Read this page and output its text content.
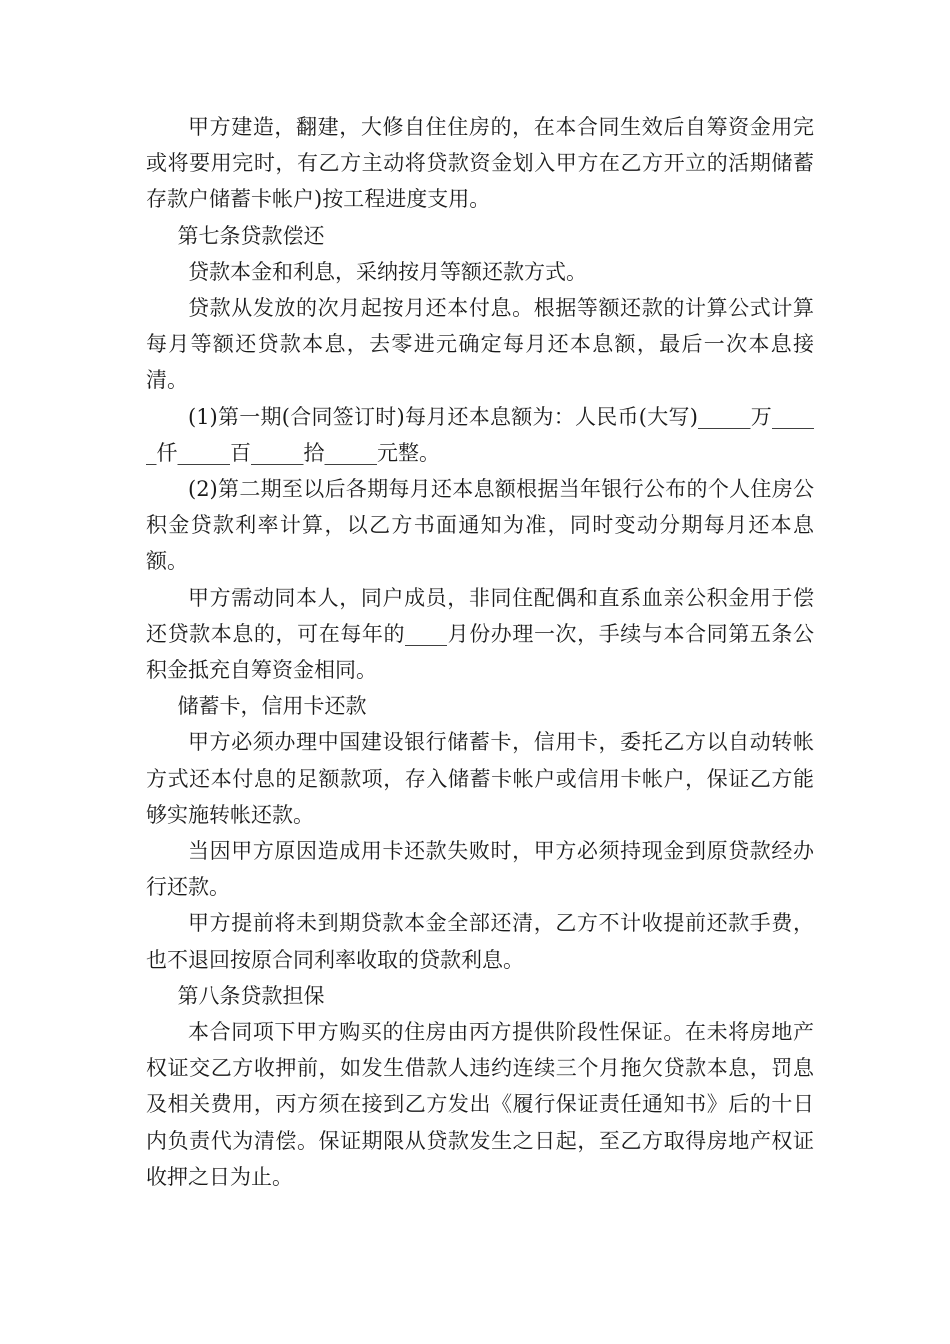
甲方建造，翻建，大修自住住房的，在本合同生效后自筹资金用完或将要用完时，有乙方主动将贷款资金划入甲方在乙方开立的活期储蓄存款户储蓄卡帐户)按工程进度支用。

第七条贷款偿还

贷款本金和利息，采纳按月等额还款方式。

贷款从发放的次月起按月还本付息。根据等额还款的计算公式计算每月等额还贷款本息，去零进元确定每月还本息额，最后一次本息接清。

(1)第一期(合同签订时)每月还本息额为：人民币(大写)_____万_____仟_____百_____拾_____元整。

(2)第二期至以后各期每月还本息额根据当年银行公布的个人住房公积金贷款利率计算，以乙方书面通知为准，同时变动分期每月还本息额。

甲方需动同本人，同户成员，非同住配偶和直系血亲公积金用于偿还贷款本息的，可在每年的____月份办理一次，手续与本合同第五条公积金抵充自筹资金相同。

储蓄卡，信用卡还款

甲方必须办理中国建设银行储蓄卡，信用卡，委托乙方以自动转帐方式还本付息的足额款项，存入储蓄卡帐户或信用卡帐户，保证乙方能够实施转帐还款。

当因甲方原因造成用卡还款失败时，甲方必须持现金到原贷款经办行还款。

甲方提前将未到期贷款本金全部还清，乙方不计收提前还款手费，也不退回按原合同利率收取的贷款利息。

第八条贷款担保

本合同项下甲方购买的住房由丙方提供阶段性保证。在未将房地产权证交乙方收押前，如发生借款人违约连续三个月拖欠贷款本息，罚息及相关费用，丙方须在接到乙方发出《履行保证责任通知书》后的十日内负责代为清偿。保证期限从贷款发生之日起，至乙方取得房地产权证收押之日为止。
